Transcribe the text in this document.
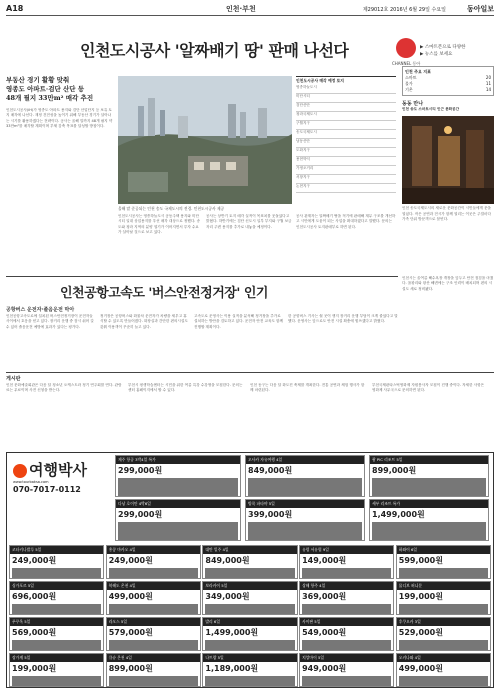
A18	인천·부천	제29012호 2016년 6월 29일 수요일	동아일보
인천도시공사 '알짜배기 땅' 판매 나선다
CHANNEL 동아
▶ 스마트폰으로 다양한
▶ 뉴스를 보세요
부동산 경기 활황 맞춰
영종도 아파트·검단 산단 등
48개 필지 33만m² 매각 추진
인천도시공사(iH)가 영종도 아파트 용지와 검단 산업단지 등 보유 토지 매각에 나선다. 재정 건전성을 높이기 위해 부동산 경기가 살아나는 시기를 활용하겠다는 전략이다. 공사는 올해 말까지 48개 필지 약 33만m²를 매각할 계획이며 부채 감축 목표를 달성할 방침이다.
올해 말 준공되는 인천 송도 국제도시의 전경. 인천도시공사 제공
인천도시공사는 영종하늘도시 공동주택 용지와 미단시티 일대 상업용지를 우선 매각 대상으로 정했다. 송도와 청라 지역의 분양 열기가 이어지면서 투자 수요가 살아날 것으로 보고 있다.
공사는 상반기 토지 매각 실적이 목표치를 웃돌았다고 밝혔다. 하반기에는 검단 신도시 일부 부지와 구월 보금자리 주변 용지를 추가로 내놓을 예정이다.
인천도시공사 매각 예정 토지
영종하늘도시
미단시티
검단산단
청라국제도시
구월지구
송도국제도시
남동산단
도화지구
용현학익
가정오거리
서창지구
논현지구
공사 관계자는 알짜배기 땅을 적기에 판매해 재무 구조를 개선하고 시민에게 도움이 되는 사업을 확대하겠다고 말했다. 문의는 인천도시공사 토지판매부로 하면 된다.
인천 주요 지표
스마트	20
물가	11
기온	14
동동 만나
인천 송도 스마트시티 인근 문화공간
인천 송도국제도시의 새로운 문화공간이 시민들에게 문을 열었다. 작은 공연과 전시가 함께 열리는 이곳은 주말마다 가족 단위 방문객으로 붐빈다.
인천공항고속도 '버스안전정거장' 인기
공항버스 운전자·졸음운전 막아
인천공항고속도로에 설치된 버스안전정거장이 운전자들 사이에서 호응을 얻고 있다. 장거리 운행 중 잠시 쉬어 갈 수 있어 졸음운전 예방에 효과가 있다는 평가다.
정거장은 공항버스와 화물차 운전자가 차량을 세우고 휴식할 수 있도록 만들어졌다. 화장실과 간단한 편의시설도 갖춰 이용객이 꾸준히 늘고 있다.
고속도로 운영사는 이용 실적을 분석해 정거장을 추가로 설치하는 방안을 검토하고 있다. 운전자 안전 교육도 함께 진행할 계획이다.
한 공항버스 기사는 쉴 곳이 생겨 장거리 운행 부담이 크게 줄었다고 말했다. 운영사는 앞으로도 안전 시설 확충에 힘쓰겠다고 밝혔다.
인천시는 올여름 해수욕장 개장을 앞두고 안전 점검을 마쳤다. 을왕리와 왕산 해변에는 구조 인력이 배치되며 편의 시설도 새로 정비됐다.
게시판
인천 문화예술회관은 다음 달 청소년 오케스트라 정기 연주회를 연다. 관람료는 무료이며 사전 신청을 받는다.
부천시 평생학습센터는 시민을 위한 여름 특강 수강생을 모집한다. 문의는 센터 홈페이지에서 할 수 있다.
인천 동구는 다음 달 화도진 축제를 개최한다. 전통 공연과 체험 행사가 함께 마련된다.
부천국제판타스틱영화제 자원봉사자 모집이 진행 중이다. 자세한 사항은 영화제 사무국으로 문의하면 된다.
여행박사
www.tourbaksa.com
070-7017-0112
제주 항공 3박4일 특가
299,000원
오사카 자유여행 4일
849,000원
괌 PIC 리조트 5일
899,000원
다낭 호이안 4박6일
299,000원
방콕 파타야 5일
399,000원
세부 리조트 특가
1,499,000원
코타키나발루 5일
249,000원
홍콩 마카오 4일
249,000원
대만 일주 4일
849,000원
유럽 서유럽 9일
149,000원
하와이 6일
599,000원
싱가포르 5일
696,000원
북해도 온천 4일
499,000원
보라카이 5일
349,000원
상해 항주 4일
369,000원
몰디브 허니문
199,000원
푸꾸옥 5일
569,000원
라오스 5일
579,000원
발리 6일
1,499,000원
사이판 5일
549,000원
후쿠오카 3일
529,000원
장가계 5일
199,000원
큐슈 온천 4일
899,000원
나트랑 5일
1,189,000원
치앙마이 5일
949,000원
오키나와 4일
499,000원
